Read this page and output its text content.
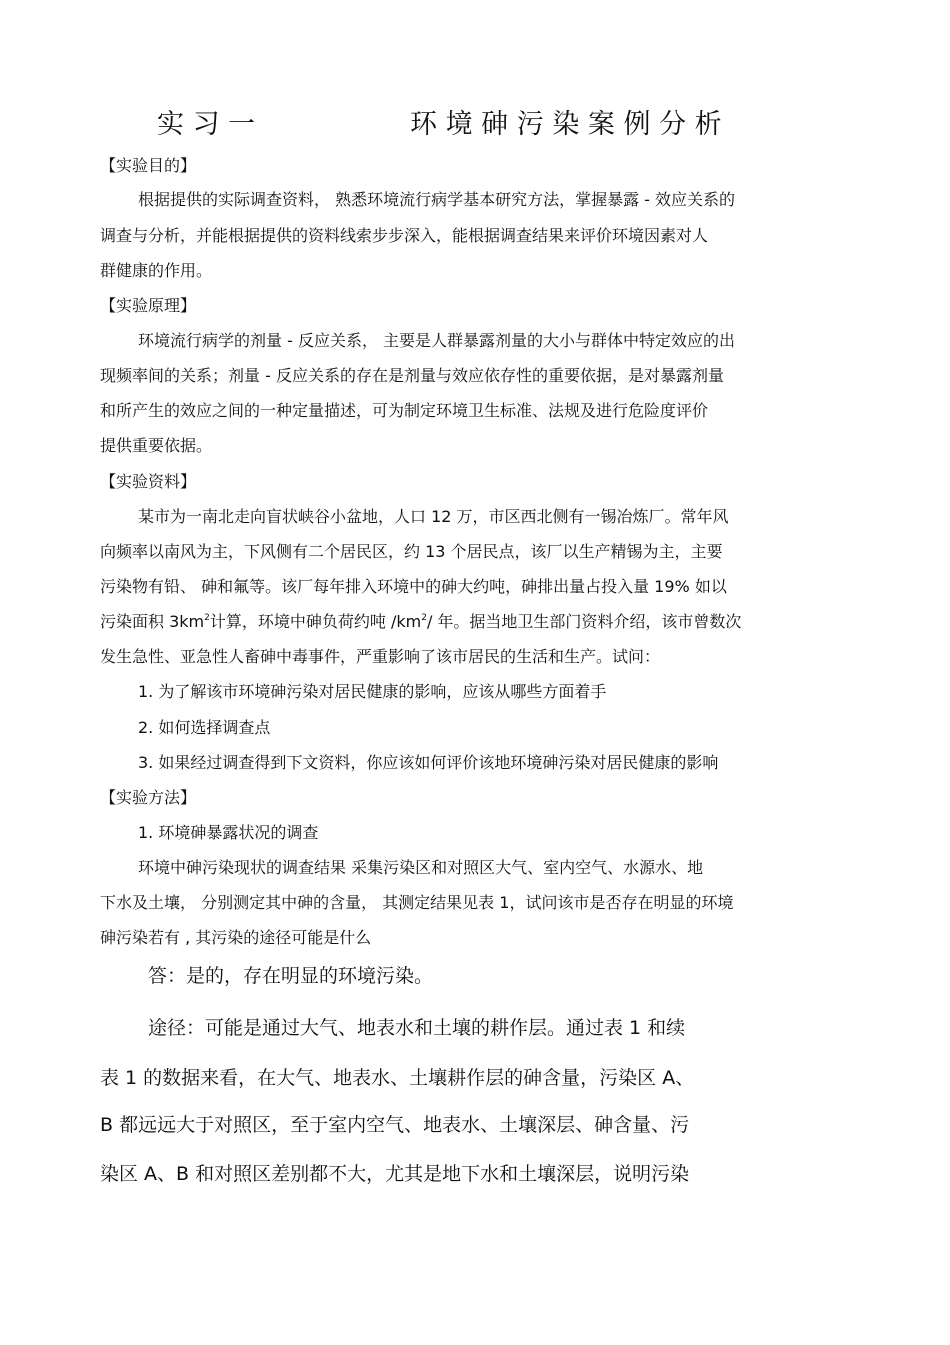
实 习 一	环 境 砷 污 染 案 例 分 析
【实验目的】
根据提供的实际调查资料， 熟悉环境流行病学基本研究方法，掌握暴露 - 效应关系的
调查与分析，并能根据提供的资料线索步步深入，能根据调查结果来评价环境因素对人
群健康的作用。
【实验原理】
环境流行病学的剂量 - 反应关系， 主要是人群暴露剂量的大小与群体中特定效应的出
现频率间的关系；剂量 - 反应关系的存在是剂量与效应依存性的重要依据，是对暴露剂量
和所产生的效应之间的一种定量描述，可为制定环境卫生标准、法规及进行危险度评价
提供重要依据。
【实验资料】
某市为一南北走向盲状峡谷小盆地，人口 12 万，市区西北侧有一锡冶炼厂。常年风
向频率以南风为主，下风侧有二个居民区，约 13 个居民点，该厂以生产精锡为主，主要
污染物有铅、 砷和氟等。该厂每年排入环境中的砷大约吨，砷排出量占投入量 19% 如以
污染面积 $3km^2$计算，环境中砷负荷约吨 $/km^2/$ 年。据当地卫生部门资料介绍，该市曾数次
发生急性、亚急性人畜砷中毒事件，严重影响了该市居民的生活和生产。试问：
1. 为了解该市环境砷污染对居民健康的影响，应该从哪些方面着手
2. 如何选择调查点
3. 如果经过调查得到下文资料，你应该如何评价该地环境砷污染对居民健康的影响
【实验方法】
1. 环境砷暴露状况的调查
环境中砷污染现状的调查结果 采集污染区和对照区大气、室内空气、水源水、地
下水及土壤， 分别测定其中砷的含量， 其测定结果见表 1，试问该市是否存在明显的环境
砷污染若有 , 其污染的途径可能是什么
答：是的，存在明显的环境污染。
途径：可能是通过大气、地表水和土壤的耕作层。通过表 1 和续
表 1 的数据来看，在大气、地表水、土壤耕作层的砷含量，污染区 A、
B 都远远大于对照区，至于室内空气、地表水、土壤深层、砷含量、污
染区 A、B 和对照区差别都不大，尤其是地下水和土壤深层，说明污染
